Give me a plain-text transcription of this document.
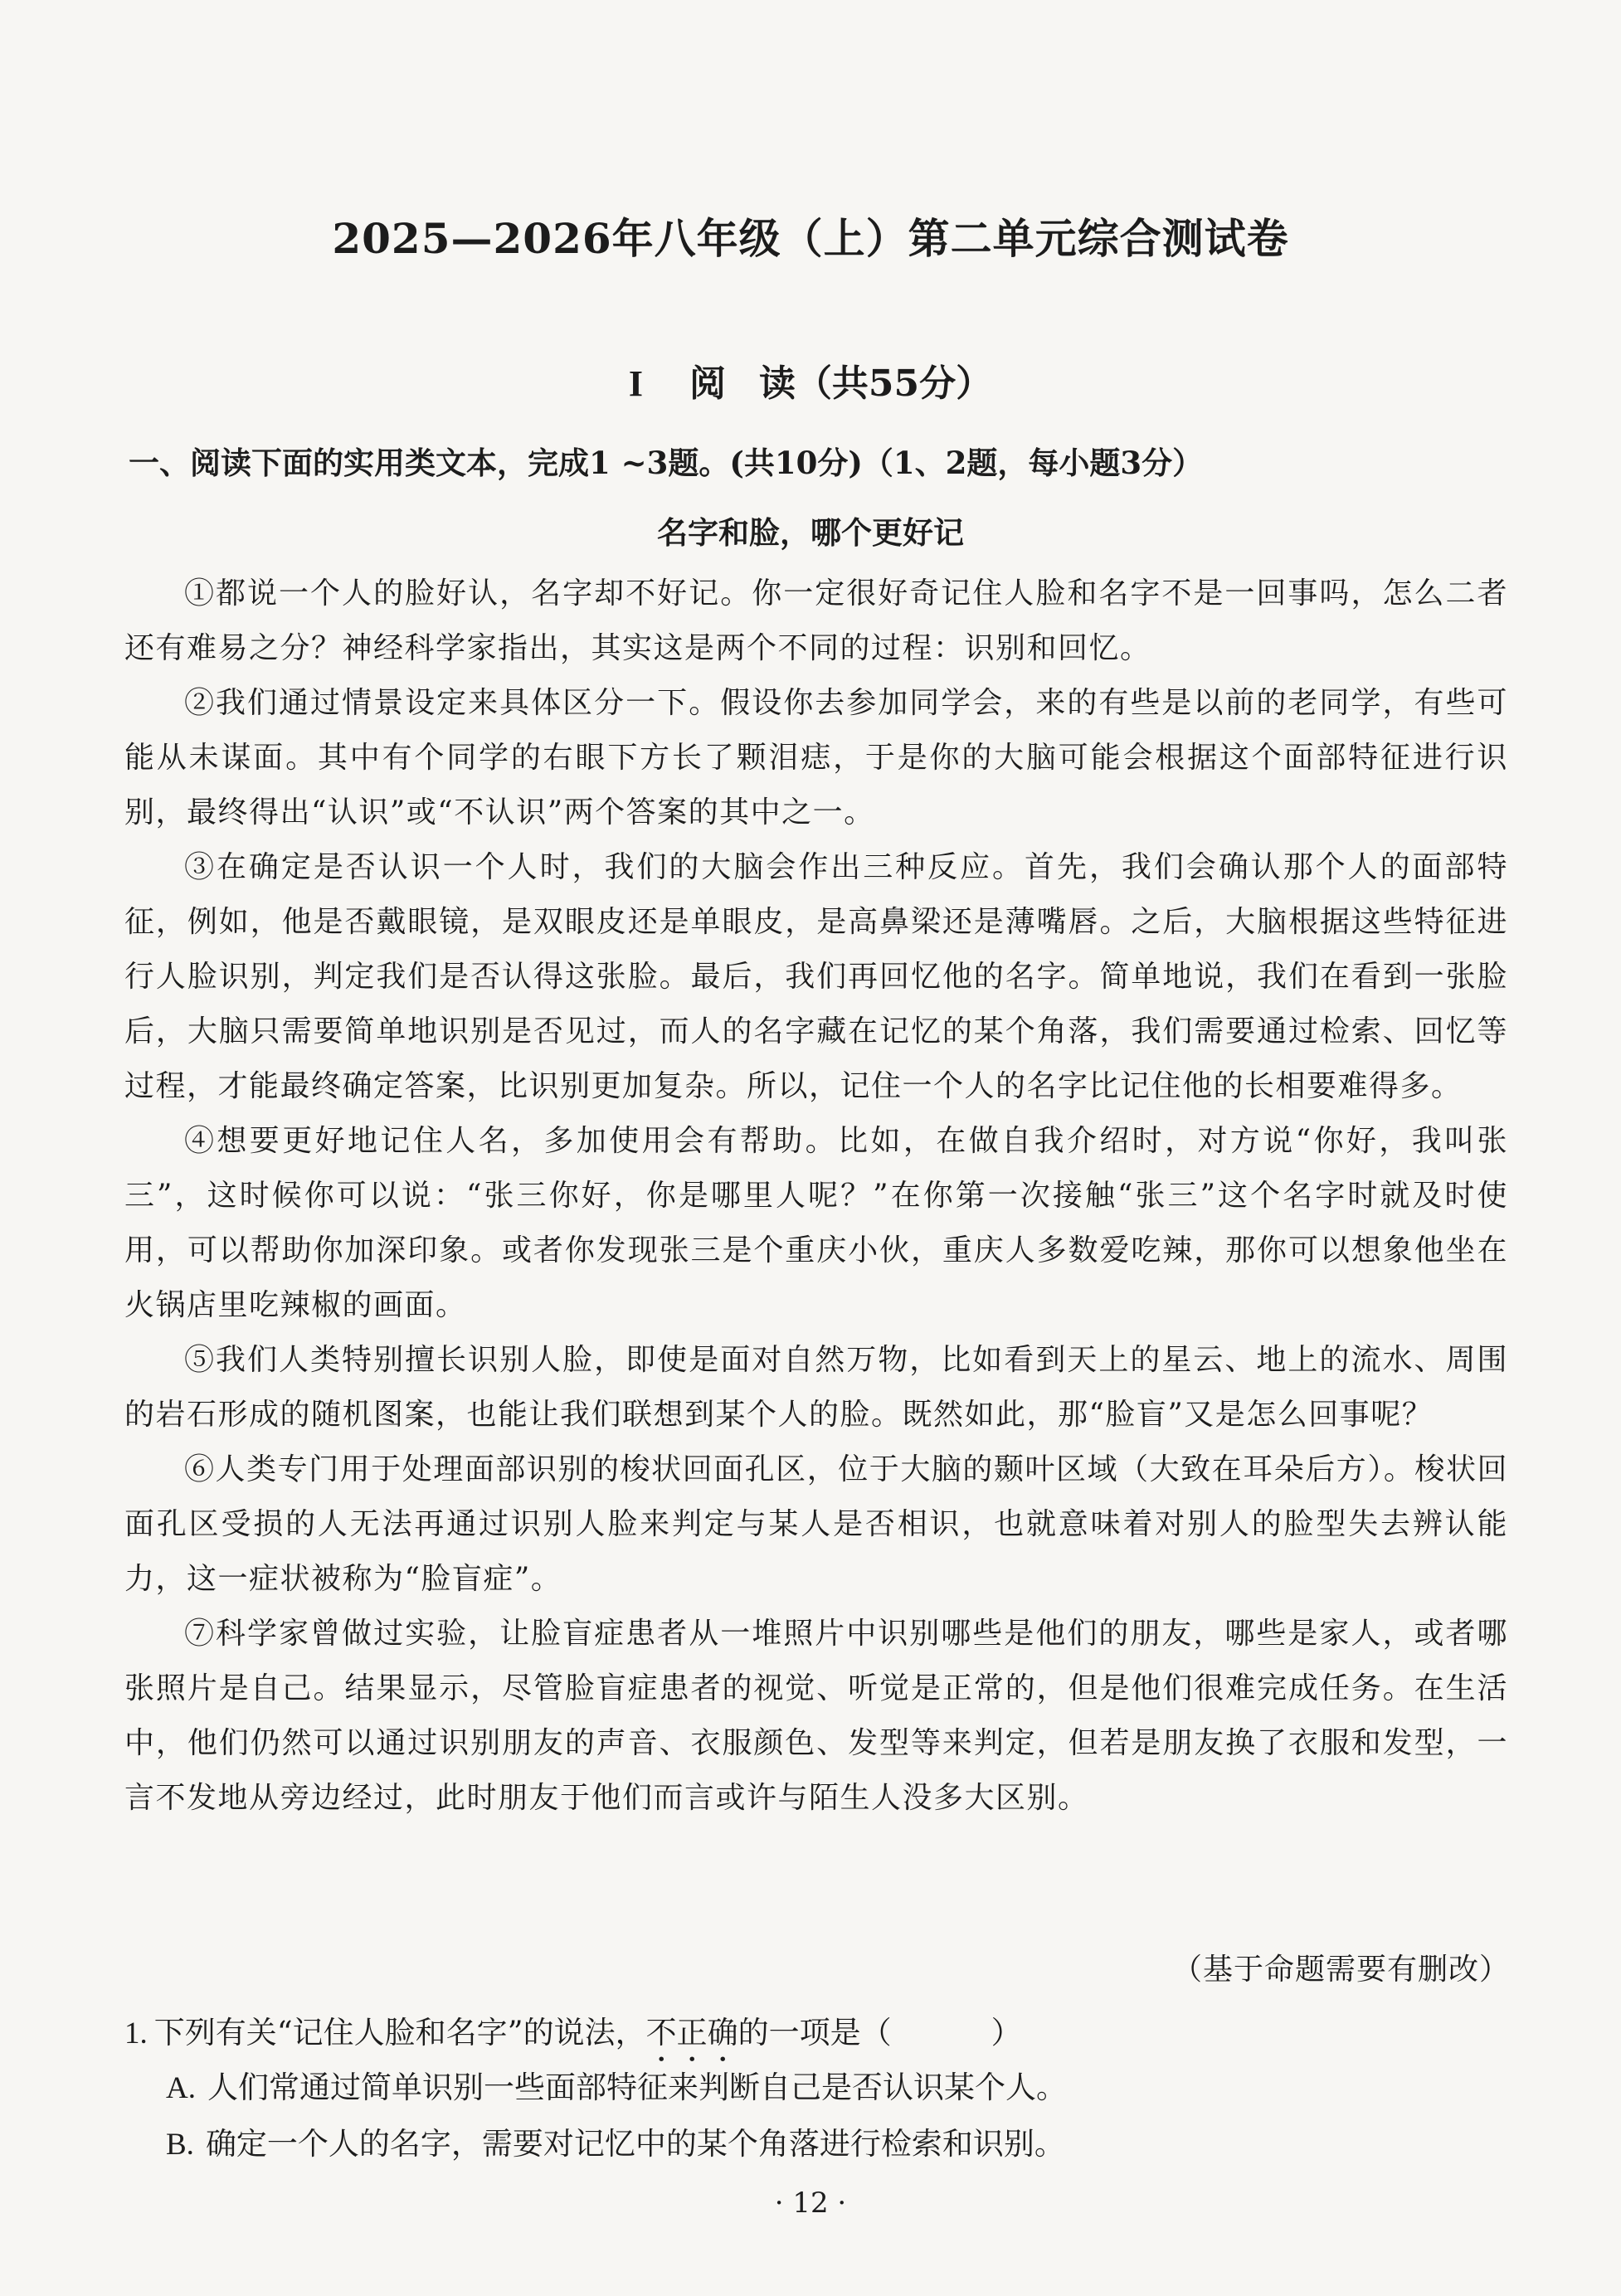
2025—2026年八年级（上）第二单元综合测试卷
I 阅 读（共55分）
一、阅读下面的实用类文本，完成1 ~3题。(共10分)（1、2题，每小题3分）
名字和脸，哪个更好记

①都说一个人的脸好认，名字却不好记。你一定很好奇记住人脸和名字不是一回事吗，怎么二者还有难易之分？神经科学家指出，其实这是两个不同的过程：识别和回忆。

②我们通过情景设定来具体区分一下。假设你去参加同学会，来的有些是以前的老同学，有些可能从未谋面。其中有个同学的右眼下方长了颗泪痣，于是你的大脑可能会根据这个面部特征进行识别，最终得出“认识”或“不认识”两个答案的其中之一。

③在确定是否认识一个人时，我们的大脑会作出三种反应。首先，我们会确认那个人的面部特征，例如，他是否戴眼镜，是双眼皮还是单眼皮，是高鼻梁还是薄嘴唇。之后，大脑根据这些特征进行人脸识别，判定我们是否认得这张脸。最后，我们再回忆他的名字。简单地说，我们在看到一张脸后，大脑只需要简单地识别是否见过，而人的名字藏在记忆的某个角落，我们需要通过检索、回忆等过程，才能最终确定答案，比识别更加复杂。所以，记住一个人的名字比记住他的长相要难得多。

④想要更好地记住人名，多加使用会有帮助。比如，在做自我介绍时，对方说“你好，我叫张三”，这时候你可以说：“张三你好，你是哪里人呢？”在你第一次接触“张三”这个名字时就及时使用，可以帮助你加深印象。或者你发现张三是个重庆小伙，重庆人多数爱吃辣，那你可以想象他坐在火锅店里吃辣椒的画面。

⑤我们人类特别擅长识别人脸，即使是面对自然万物，比如看到天上的星云、地上的流水、周围的岩石形成的随机图案，也能让我们联想到某个人的脸。既然如此，那“脸盲”又是怎么回事呢？

⑥人类专门用于处理面部识别的梭状回面孔区，位于大脑的颞叶区域（大致在耳朵后方）。梭状回面孔区受损的人无法再通过识别人脸来判定与某人是否相识，也就意味着对别人的脸型失去辨认能力，这一症状被称为“脸盲症”。

⑦科学家曾做过实验，让脸盲症患者从一堆照片中识别哪些是他们的朋友，哪些是家人，或者哪张照片是自己。结果显示，尽管脸盲症患者的视觉、听觉是正常的，但是他们很难完成任务。在生活中，他们仍然可以通过识别朋友的声音、衣服颜色、发型等来判定，但若是朋友换了衣服和发型，一言不发地从旁边经过，此时朋友于他们而言或许与陌生人没多大区别。

（基于命题需要有删改）
1. 下列有关“记住人脸和名字”的说法，不正确的一项是（	）
A. 人们常通过简单识别一些面部特征来判断自己是否认识某个人。
B. 确定一个人的名字，需要对记忆中的某个角落进行检索和识别。
· 12 ·
